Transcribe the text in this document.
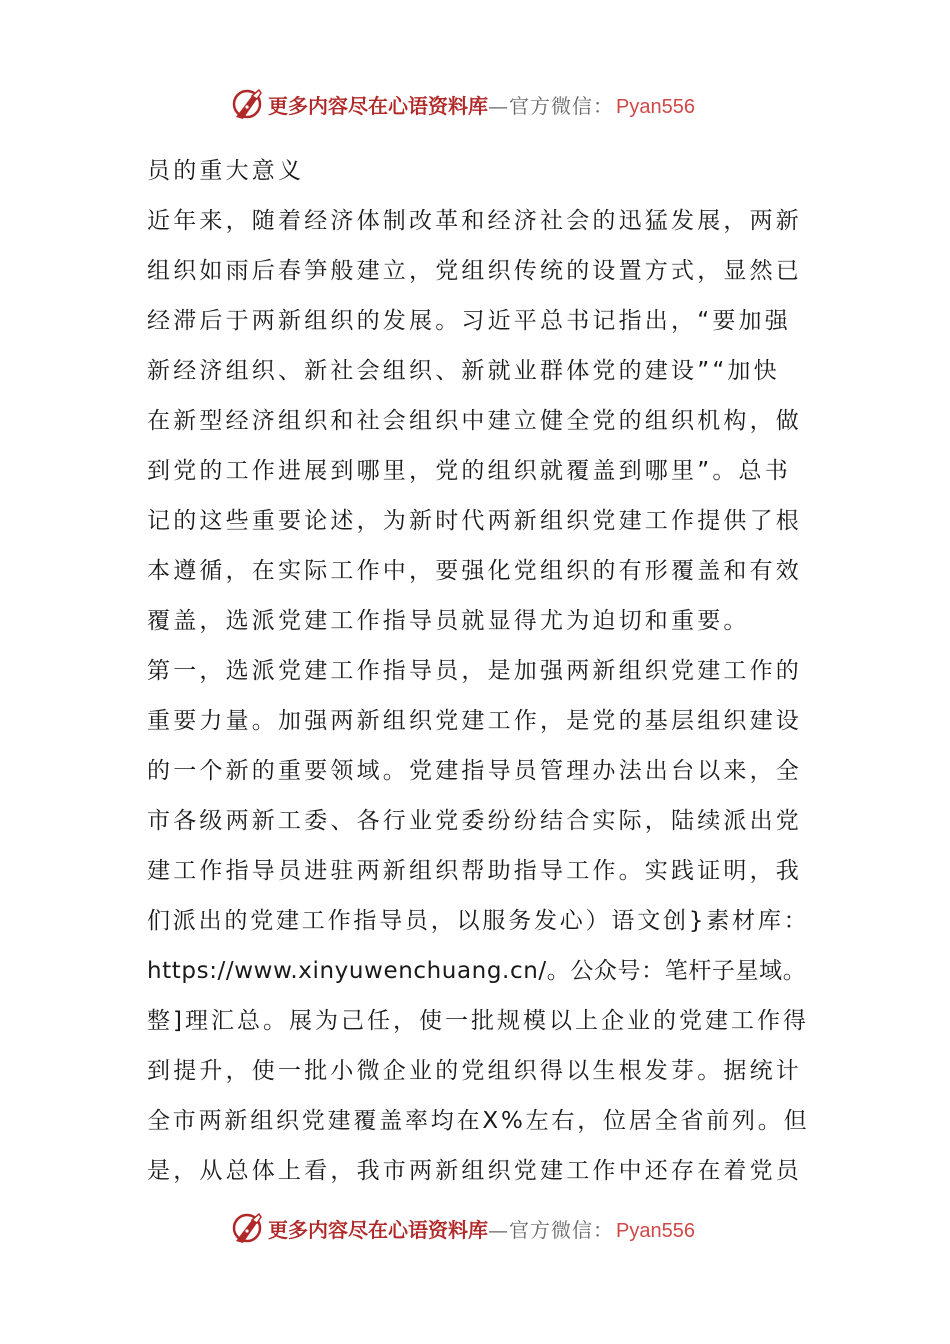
更多内容尽在心语资料库 —官方微信： Pyan556
员的重大意义
近年来，随着经济体制改革和经济社会的迅猛发展，两新
组织如雨后春笋般建立，党组织传统的设置方式，显然已
经滞后于两新组织的发展。习近平总书记指出，“要加强
新经济组织、新社会组织、新就业群体党的建设”“加快
在新型经济组织和社会组织中建立健全党的组织机构，做
到党的工作进展到哪里，党的组织就覆盖到哪里”。总书
记的这些重要论述，为新时代两新组织党建工作提供了根
本遵循，在实际工作中，要强化党组织的有形覆盖和有效
覆盖，选派党建工作指导员就显得尤为迫切和重要。
第一，选派党建工作指导员，是加强两新组织党建工作的
重要力量。加强两新组织党建工作，是党的基层组织建设
的一个新的重要领域。党建指导员管理办法出台以来，全
市各级两新工委、各行业党委纷纷结合实际，陆续派出党
建工作指导员进驻两新组织帮助指导工作。实践证明，我
们派出的党建工作指导员，以服务发心）语文创}素材库：
https://www.xinyuwenchuang.cn/。公众号：笔杆子星域。
整]理汇总。展为己任，使一批规模以上企业的党建工作得
到提升，使一批小微企业的党组织得以生根发芽。据统计
全市两新组织党建覆盖率均在X%左右，位居全省前列。但
是，从总体上看，我市两新组织党建工作中还存在着党员
更多内容尽在心语资料库 —官方微信： Pyan556
